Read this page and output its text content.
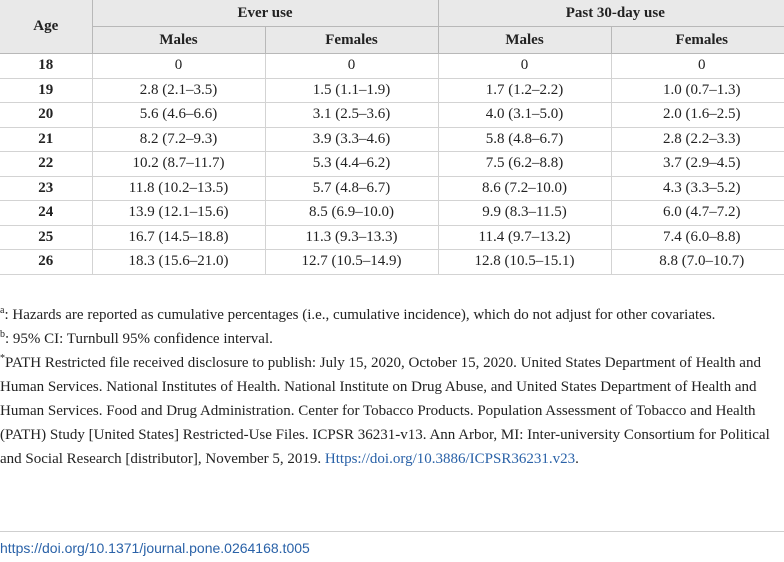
Age	Ever use		Past 30-day use	
	Males	Females	Males	Females
18	0	0	0	0
19	2.8 (2.1–3.5)	1.5 (1.1–1.9)	1.7 (1.2–2.2)	1.0 (0.7–1.3)
20	5.6 (4.6–6.6)	3.1 (2.5–3.6)	4.0 (3.1–5.0)	2.0 (1.6–2.5)
21	8.2 (7.2–9.3)	3.9 (3.3–4.6)	5.8 (4.8–6.7)	2.8 (2.2–3.3)
22	10.2 (8.7–11.7)	5.3 (4.4–6.2)	7.5 (6.2–8.8)	3.7 (2.9–4.5)
23	11.8 (10.2–13.5)	5.7 (4.8–6.7)	8.6 (7.2–10.0)	4.3 (3.3–5.2)
24	13.9 (12.1–15.6)	8.5 (6.9–10.0)	9.9 (8.3–11.5)	6.0 (4.7–7.2)
25	16.7 (14.5–18.8)	11.3 (9.3–13.3)	11.4 (9.7–13.2)	7.4 (6.0–8.8)
26	18.3 (15.6–21.0)	12.7 (10.5–14.9)	12.8 (10.5–15.1)	8.8 (7.0–10.7)

$^a$: Hazards are reported as cumulative percentages (i.e., cumulative incidence), which do not adjust for other covariates.

$^b$: 95% CI: Turnbull 95% confidence interval.

*PATH Restricted file received disclosure to publish: July 15, 2020, October 15, 2020. United States Department of Health and Human Services. National Institutes of Health. National Institute on Drug Abuse, and United States Department of Health and Human Services. Food and Drug Administration. Center for Tobacco Products. Population Assessment of Tobacco and Health (PATH) Study [United States] Restricted-Use Files. ICPSR 36231-v13. Ann Arbor, MI: Inter-university Consortium for Political and Social Research [distributor], November 5, 2019. Https://doi.org/10.3886/ICPSR36231.v23.

https://doi.org/10.1371/journal.pone.0264168.t005
